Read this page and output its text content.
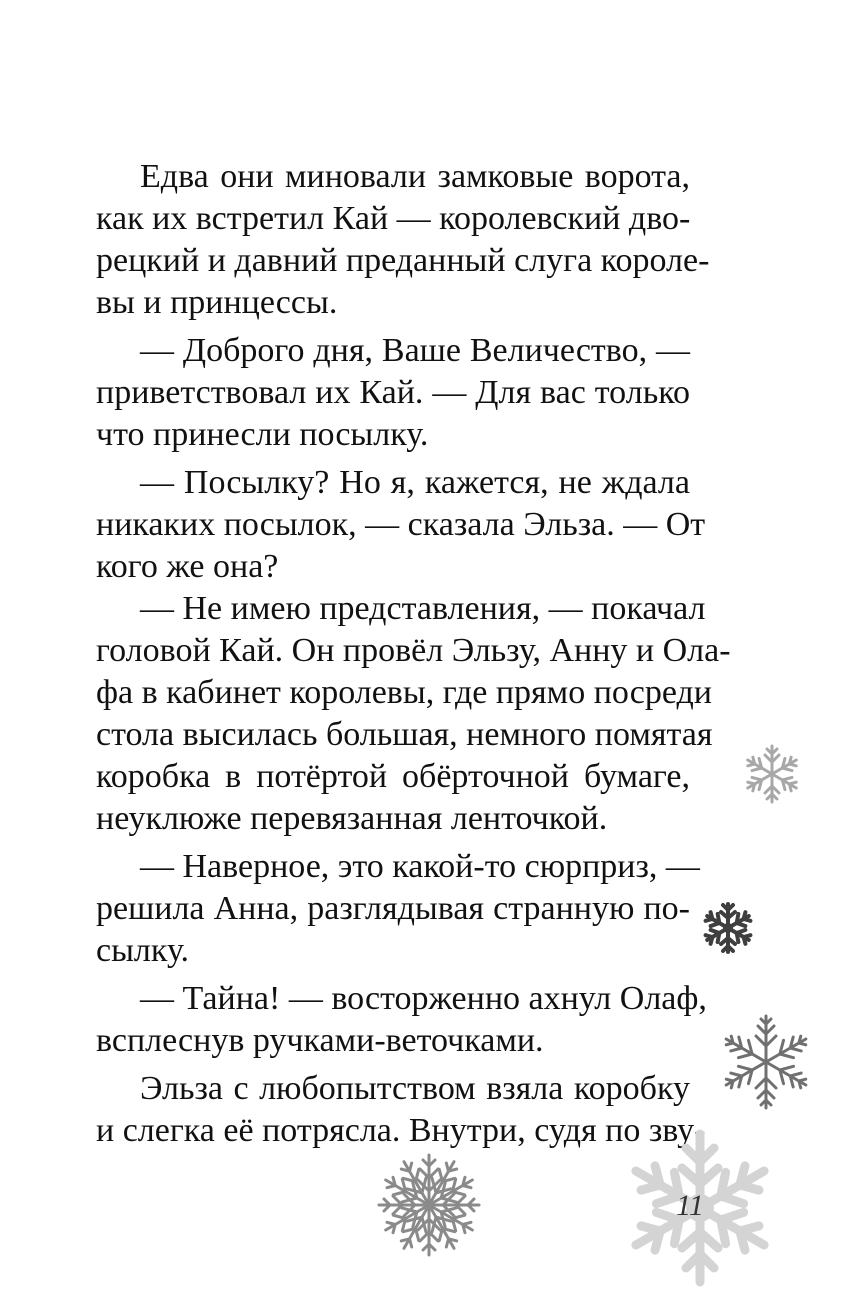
Едва они миновали замковые ворота,
как их встретил Кай — королевский дво-
рецкий и давний преданный слуга короле-
вы и принцессы.
— Доброго дня, Ваше Величество, —
приветствовал их Кай. — Для вас только
что принесли посылку.
— Посылку? Но я, кажется, не ждала
никаких посылок, — сказала Эльза. — От
кого же она?
— Не имею представления, — покачал
головой Кай. Он провёл Эльзу, Анну и Ола-
фа в кабинет королевы, где прямо посреди
стола высилась большая, немного помятая
коробка в потёртой обёрточной бумаге,
неуклюже перевязанная ленточкой.
— Наверное, это какой-то сюрприз, —
решила Анна, разглядывая странную по-
сылку.
— Тайна! — восторженно ахнул Олаф,
всплеснув ручками-веточками.
Эльза с любопытством взяла коробку
и слегка её потрясла. Внутри, судя по зву-
11
